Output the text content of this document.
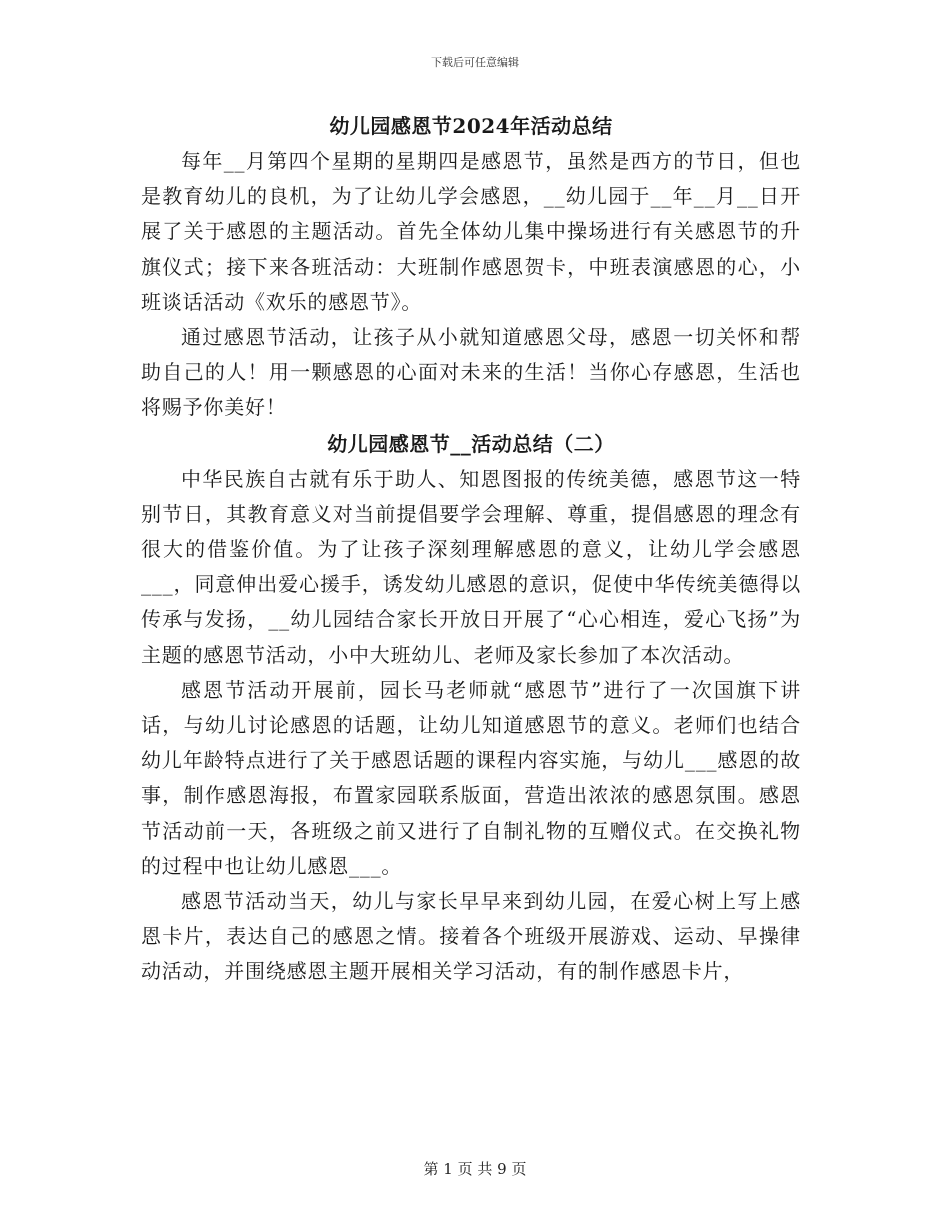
下载后可任意编辑
幼儿园感恩节2024年活动总结

每年__月第四个星期的星期四是感恩节，虽然是西方的节日，但也是教育幼儿的良机，为了让幼儿学会感恩，__幼儿园于__年__月__日开展了关于感恩的主题活动。首先全体幼儿集中操场进行有关感恩节的升旗仪式；接下来各班活动：大班制作感恩贺卡，中班表演感恩的心，小班谈话活动《欢乐的感恩节》。

通过感恩节活动，让孩子从小就知道感恩父母，感恩一切关怀和帮助自己的人！用一颗感恩的心面对未来的生活！当你心存感恩，生活也将赐予你美好！

幼儿园感恩节__活动总结（二）

中华民族自古就有乐于助人、知恩图报的传统美德，感恩节这一特别节日，其教育意义对当前提倡要学会理解、尊重，提倡感恩的理念有很大的借鉴价值。为了让孩子深刻理解感恩的意义，让幼儿学会感恩___，同意伸出爱心援手，诱发幼儿感恩的意识，促使中华传统美德得以传承与发扬，__幼儿园结合家长开放日开展了“心心相连，爱心飞扬”为主题的感恩节活动，小中大班幼儿、老师及家长参加了本次活动。

感恩节活动开展前，园长马老师就“感恩节”进行了一次国旗下讲话，与幼儿讨论感恩的话题，让幼儿知道感恩节的意义。老师们也结合幼儿年龄特点进行了关于感恩话题的课程内容实施，与幼儿___感恩的故事，制作感恩海报，布置家园联系版面，营造出浓浓的感恩氛围。感恩节活动前一天，各班级之前又进行了自制礼物的互赠仪式。在交换礼物的过程中也让幼儿感恩___。

感恩节活动当天，幼儿与家长早早来到幼儿园，在爱心树上写上感恩卡片，表达自己的感恩之情。接着各个班级开展游戏、运动、早操律动活动，并围绕感恩主题开展相关学习活动，有的制作感恩卡片，

第 1 页 共 9 页
